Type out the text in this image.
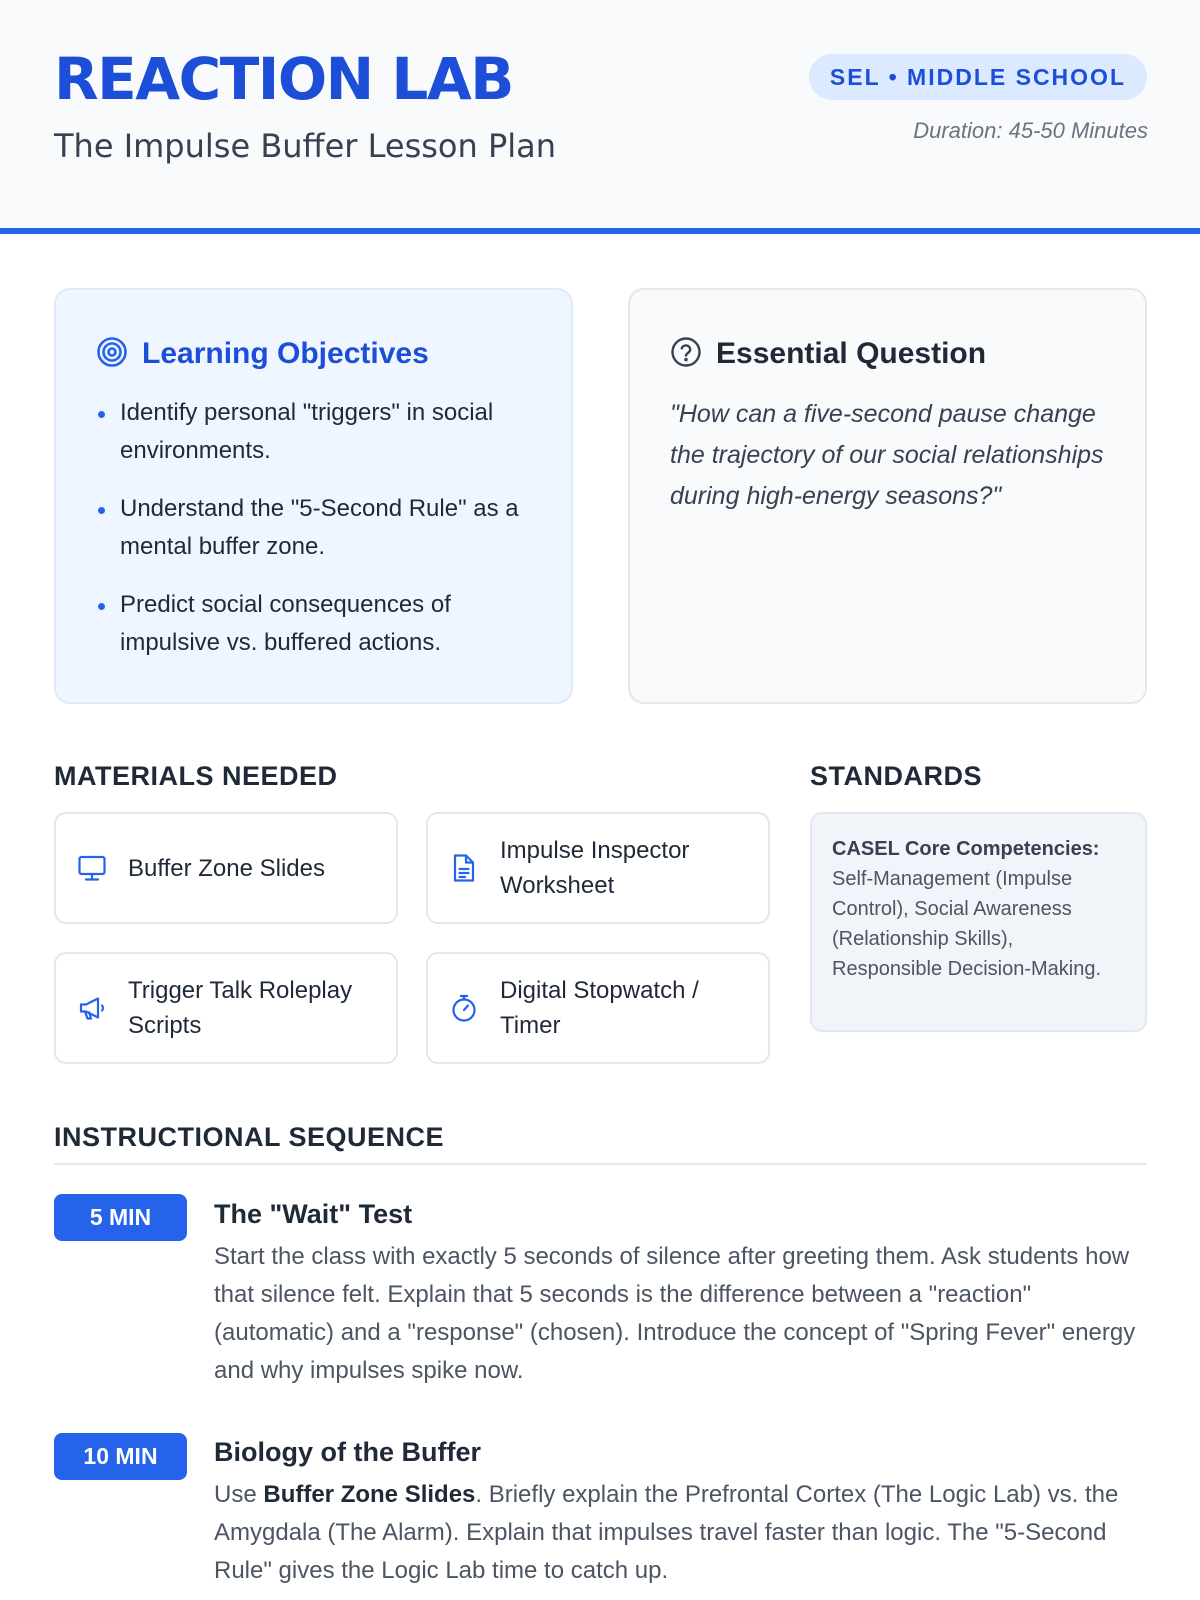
REACTION LAB
The Impulse Buffer Lesson Plan
SEL • MIDDLE SCHOOL
Duration: 45-50 Minutes
Learning Objectives
Identify personal "triggers" in social environments.
Understand the "5-Second Rule" as a mental buffer zone.
Predict social consequences of impulsive vs. buffered actions.
Essential Question

"How can a five-second pause change the trajectory of our social relationships during high-energy seasons?"

MATERIALS NEEDED
Buffer Zone Slides
Impulse Inspector Worksheet
Trigger Talk Roleplay Scripts
Digital Stopwatch / Timer
STANDARDS
CASEL Core Competencies: Self-Management (Impulse Control), Social Awareness (Relationship Skills), Responsible Decision-Making.
INSTRUCTIONAL SEQUENCE
5 MIN	The "Wait" Test

Start the class with exactly 5 seconds of silence after greeting them. Ask students how that silence felt. Explain that 5 seconds is the difference between a "reaction" (automatic) and a "response" (chosen). Introduce the concept of "Spring Fever" energy and why impulses spike now.

10 MIN	Biology of the Buffer

Use Buffer Zone Slides. Briefly explain the Prefrontal Cortex (The Logic Lab) vs. the Amygdala (The Alarm). Explain that impulses travel faster than logic. The "5-Second Rule" gives the Logic Lab time to catch up.
